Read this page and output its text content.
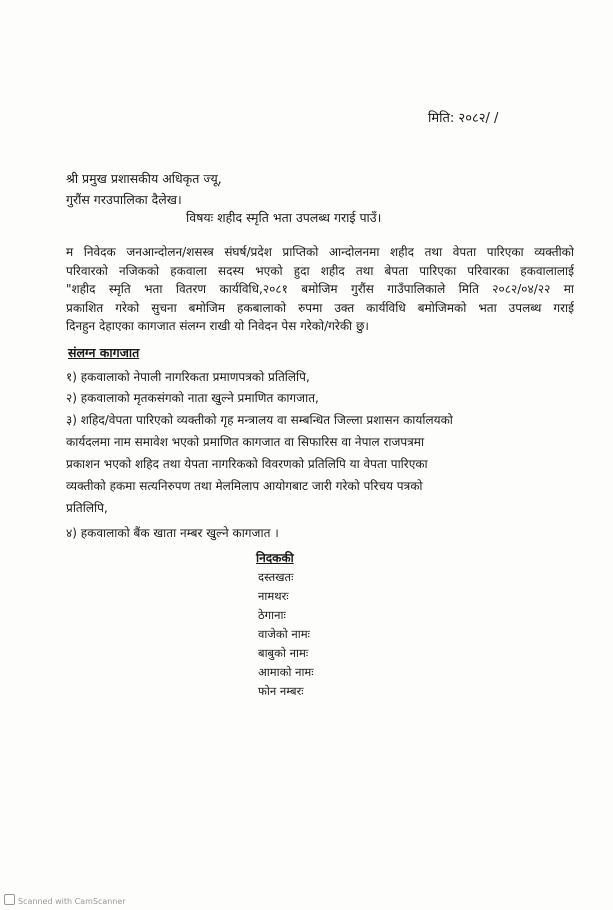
मिति: २०८२/ /
श्री प्रमुख प्रशासकीय अधिकृत ज्यू,
गुरौंस गरउपालिका दैलेख।
विषयः शहीद स्मृति भता उपलब्ध गराई पाउँ।
म निवेदक जनआन्दोलन/शसस्त्र संघर्ष/प्रदेश प्राप्तिको आन्दोलनमा शहीद तथा वेपता पारिएका व्यक्तीको
परिवारको नजिकको हकवाला सदस्य भएको हुदा शहीद तथा बेपता पारिएका परिवारका हकवालालाई
"शहीद स्मृति भता वितरण कार्यविधि,२०८१ बमोजिम गुरौंस गाउँपालिकाले मिति २०८२/०४/२२ मा
प्रकाशित गरेको सुचना बमोजिम हकबालाको रुपमा उक्त कार्यविधि बमोजिमको भता उपलब्ध गराई
दिनहुन देहाएका कागजात संलग्न राखी यो निवेदन पेस गरेको/गरेकी छु।
संलग्न कागजात
१) हकवालाको नेपाली नागरिकता प्रमाणपत्रको प्रतिलिपि,
२) हकवालाको मृतकसंगको नाता खुल्ने प्रमाणित कागजात,
३) शहिद/वेपता पारिएको व्यक्तीको गृह मन्त्रालय वा सम्बन्धित जिल्ला प्रशासन कार्यालयको
कार्यदलमा नाम समावेश भएको प्रमाणित कागजात वा सिफारिस वा नेपाल राजपत्रमा
प्रकाशन भएको शहिद तथा येपता नागरिकको विवरणको प्रतिलिपि या वेपता पारिएका
व्यक्तीको हकमा सत्यनिरुपण तथा मेलमिलाप आयोगबाट जारी गरेको परिचय पत्रको
प्रतिलिपि,
४) हकवालाको बैंक खाता नम्बर खुल्ने कागजात ।
निदककी
दस्तखतः
नामथरः
ठेगानाः
वाजेको नामः
बाबुको नामः
आमाको नामः
फोन नम्बरः
Scanned with CamScanner
